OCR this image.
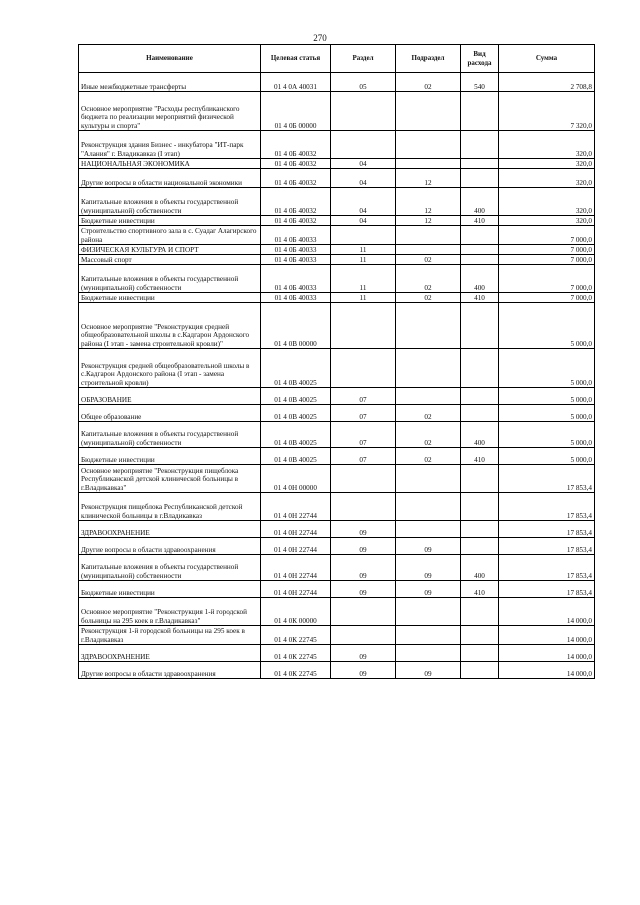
270
Наименование	Целевая статья	Раздел	Подраздел	Вид расхода	Сумма
Иные межбюджетные трансферты	01 4 0А 40031	05	02	540	2 708,8
Основное мероприятие "Расходы республиканского бюджета по реализации мероприятий физической культуры и спорта"	01 4 0Б 00000				7 320,0
Реконструкция здания Бизнес - инкубатора "ИТ-парк "Алания" г. Владикавказ (I этап)	01 4 0Б 40032				320,0
НАЦИОНАЛЬНАЯ ЭКОНОМИКА	01 4 0Б 40032	04			320,0
Другие вопросы в области национальной экономики	01 4 0Б 40032	04	12		320,0
Капитальные вложения в объекты государственной (муниципальной) собственности	01 4 0Б 40032	04	12	400	320,0
Бюджетные инвестиции	01 4 0Б 40032	04	12	410	320,0
Строительство спортивного зала в с. Суадаг Алагирского района	01 4 0Б 40033				7 000,0
ФИЗИЧЕСКАЯ КУЛЬТУРА И СПОРТ	01 4 0Б 40033	11			7 000,0
Массовый спорт	01 4 0Б 40033	11	02		7 000,0
Капитальные вложения в объекты государственной (муниципальной) собственности	01 4 0Б 40033	11	02	400	7 000,0
Бюджетные инвестиции	01 4 0Б 40033	11	02	410	7 000,0
Основное мероприятие "Реконструкция средней общеобразовательной школы в с.Кадгарон Ардонского района (I этап - замена строительной кровли)"	01 4 0В 00000				5 000,0
Реконструкция средней общеобразовательной школы в с.Кадгарон Ардонского района (I этап - замена строительной кровли)	01 4 0В 40025				5 000,0
ОБРАЗОВАНИЕ	01 4 0В 40025	07			5 000,0
Общее образование	01 4 0В 40025	07	02		5 000,0
Капитальные вложения в объекты государственной (муниципальной) собственности	01 4 0В 40025	07	02	400	5 000,0
Бюджетные инвестиции	01 4 0В 40025	07	02	410	5 000,0
Основное мероприятие "Реконструкция пищеблока Республиканской детской клинической больницы в г.Владикавказ"	01 4 0Н 00000				17 853,4
Реконструкция пищеблока Республиканской детской клинической больницы в г.Владикавказ	01 4 0Н 22744				17 853,4
ЗДРАВООХРАНЕНИЕ	01 4 0Н 22744	09			17 853,4
Другие вопросы в области здравоохранения	01 4 0Н 22744	09	09		17 853,4
Капитальные вложения в объекты государственной (муниципальной) собственности	01 4 0Н 22744	09	09	400	17 853,4
Бюджетные инвестиции	01 4 0Н 22744	09	09	410	17 853,4
Основное мероприятие "Реконструкция 1-й городской больницы на 295 коек в г.Владикавказ"	01 4 0К 00000				14 000,0
Реконструкция 1-й городской больницы на 295 коек в г.Владикавказ	01 4 0К 22745				14 000,0
ЗДРАВООХРАНЕНИЕ	01 4 0К 22745	09			14 000,0
Другие вопросы в области здравоохранения	01 4 0К 22745	09	09		14 000,0
